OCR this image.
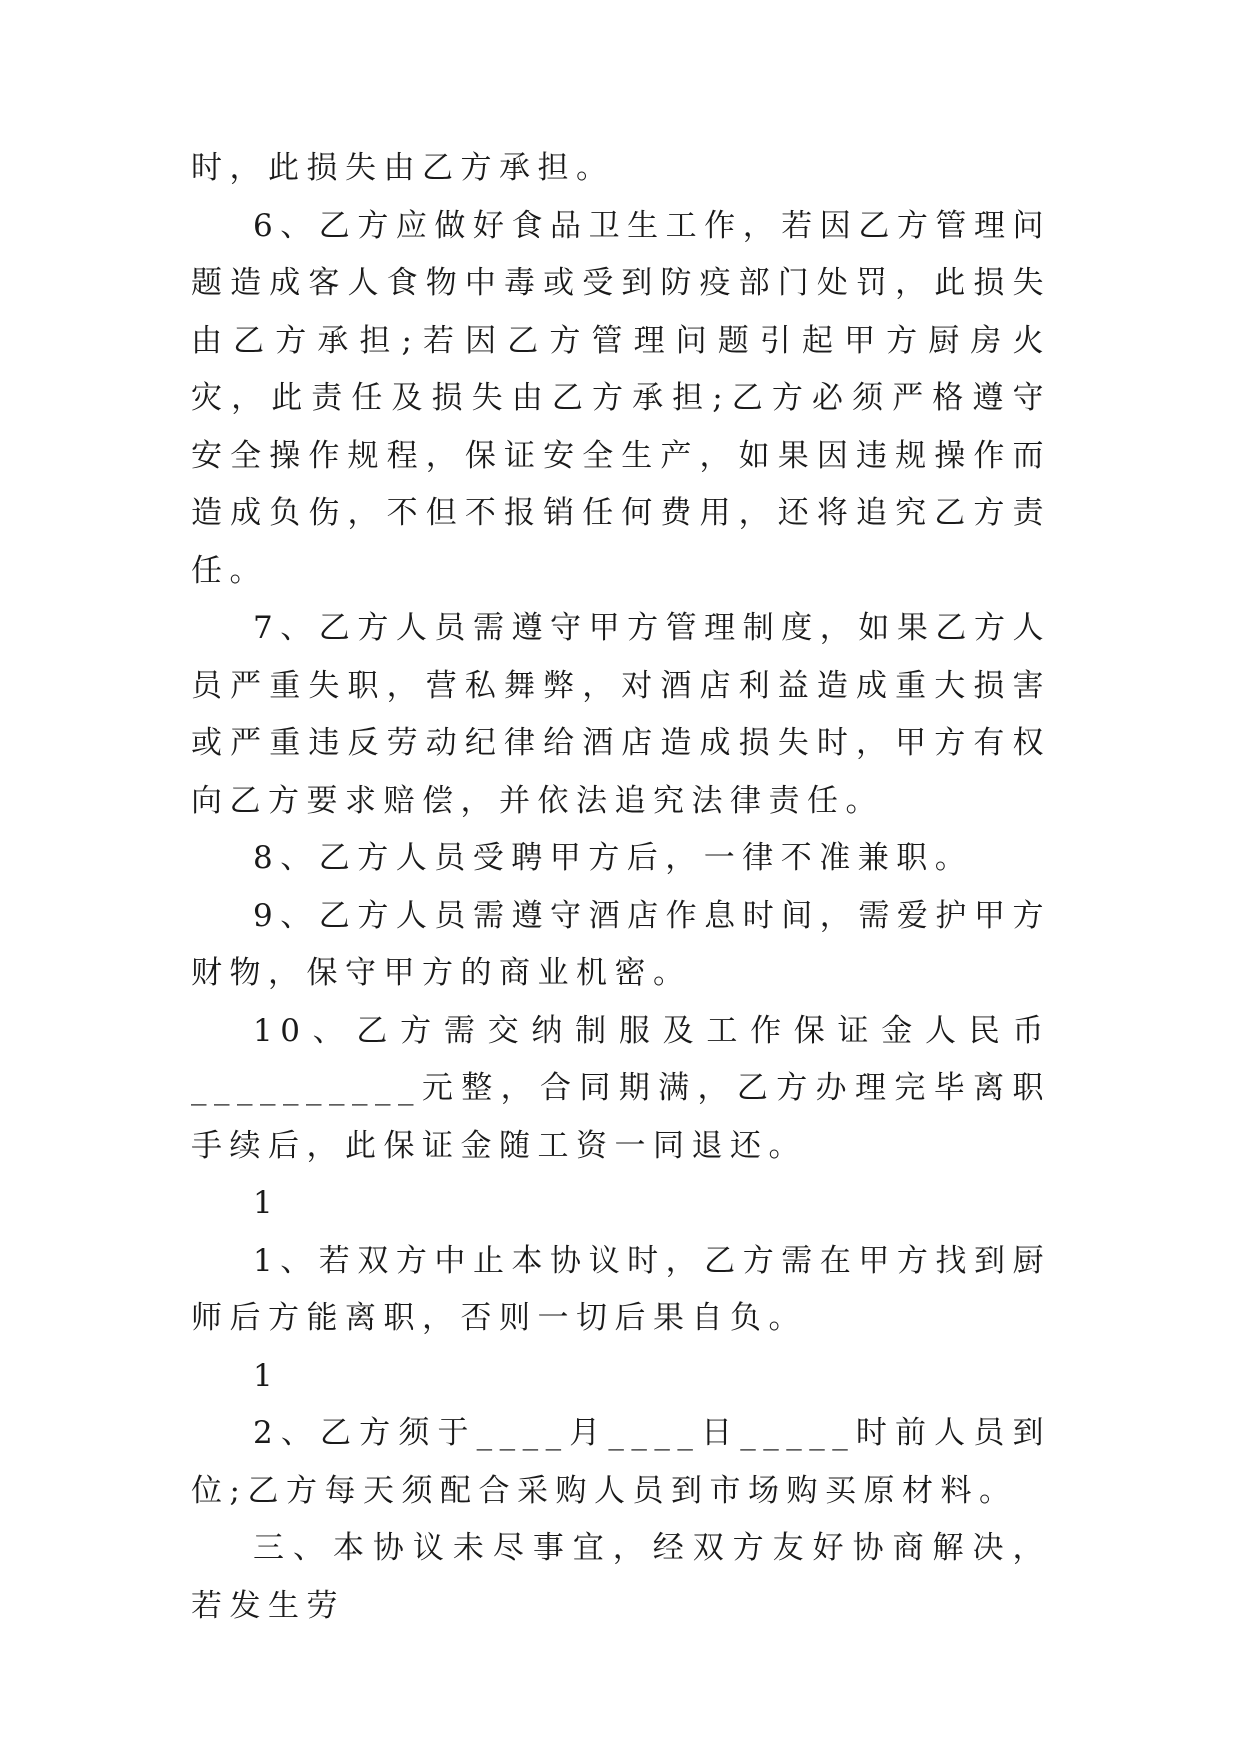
时，此损失由乙方承担。

6、乙方应做好食品卫生工作，若因乙方管理问题造成客人食物中毒或受到防疫部门处罚，此损失由乙方承担;若因乙方管理问题引起甲方厨房火灾，此责任及损失由乙方承担;乙方必须严格遵守安全操作规程，保证安全生产，如果因违规操作而造成负伤，不但不报销任何费用，还将追究乙方责任。

7、乙方人员需遵守甲方管理制度，如果乙方人员严重失职，营私舞弊，对酒店利益造成重大损害或严重违反劳动纪律给酒店造成损失时，甲方有权向乙方要求赔偿，并依法追究法律责任。

8、乙方人员受聘甲方后，一律不准兼职。

9、乙方人员需遵守酒店作息时间，需爱护甲方财物，保守甲方的商业机密。

10、乙方需交纳制服及工作保证金人民币__________元整，合同期满，乙方办理完毕离职手续后，此保证金随工资一同退还。

1

1、若双方中止本协议时，乙方需在甲方找到厨师后方能离职，否则一切后果自负。

1

2、乙方须于____月____日_____时前人员到位;乙方每天须配合采购人员到市场购买原材料。

三、本协议未尽事宜，经双方友好协商解决，若发生劳
